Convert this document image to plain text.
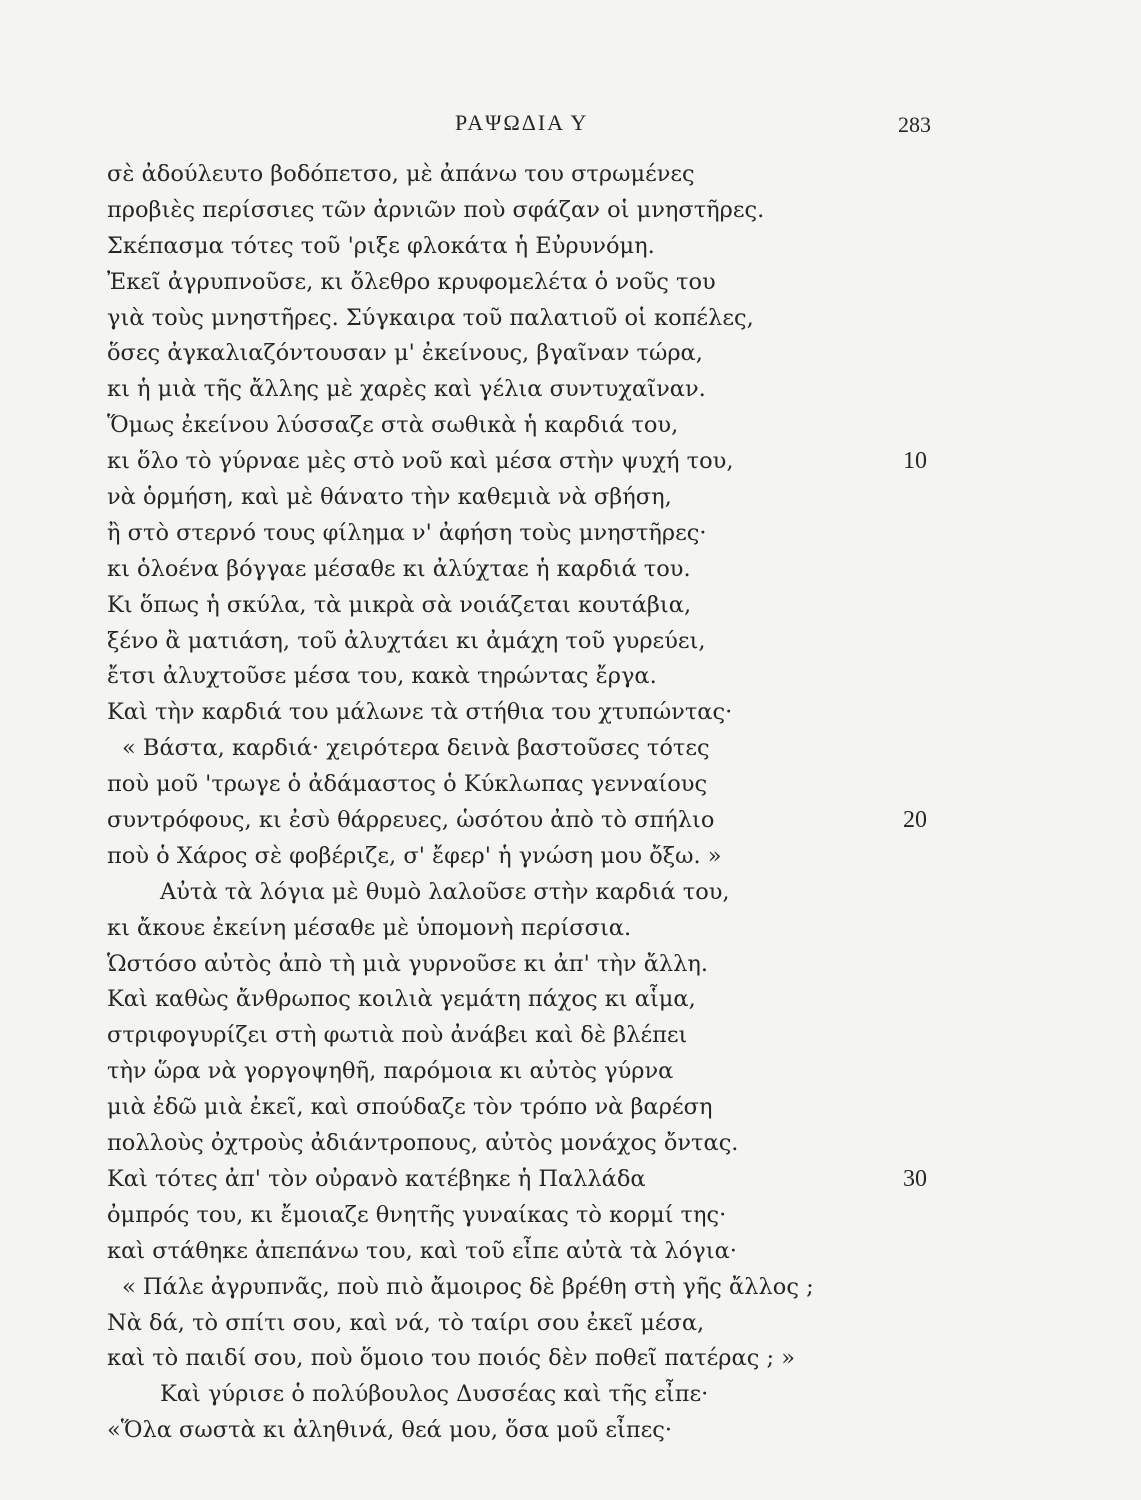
ΡΑΨΩΔΙΑ Υ	283
σὲ ἀδούλευτο βοδόπετσο, μὲ ἀπάνω του στρωμένες
προβιὲς περίσσιες τῶν ἀρνιῶν ποὺ σφάζαν οἱ μνηστῆρες.
Σκέπασμα τότες τοῦ 'ριξε φλοκάτα ἡ Εὐρυνόμη.
Ἐκεῖ ἀγρυπνοῦσε, κι ὄλεθρο κρυφομελέτα ὁ νοῦς του
γιὰ τοὺς μνηστῆρες. Σύγκαιρα τοῦ παλατιοῦ οἱ κοπέλες,
ὅσες ἀγκαλιαζόντουσαν μ' ἐκείνους, βγαῖναν τώρα,
κι ἡ μιὰ τῆς ἄλλης μὲ χαρὲς καὶ γέλια συντυχαῖναν.
Ὅμως ἐκείνου λύσσαζε στὰ σωθικὰ ἡ καρδιά του,
κι ὅλο τὸ γύρναε μὲς στὸ νοῦ καὶ μέσα στὴν ψυχή του,	10
νὰ ὁρμήση, καὶ μὲ θάνατο τὴν καθεμιὰ νὰ σβήση,
ἢ στὸ στερνό τους φίλημα ν' ἀφήση τοὺς μνηστῆρες·
κι ὁλοένα βόγγαε μέσαθε κι ἀλύχταε ἡ καρδιά του.
Κι ὅπως ἡ σκύλα, τὰ μικρὰ σὰ νοιάζεται κουτάβια,
ξένο ἂ ματιάση, τοῦ ἀλυχτάει κι ἀμάχη τοῦ γυρεύει,
ἔτσι ἀλυχτοῦσε μέσα του, κακὰ τηρώντας ἔργα.
Καὶ τὴν καρδιά του μάλωνε τὰ στήθια του χτυπώντας·
« Βάστα, καρδιά· χειρότερα δεινὰ βαστοῦσες τότες
ποὺ μοῦ 'τρωγε ὁ ἀδάμαστος ὁ Κύκλωπας γενναίους
συντρόφους, κι ἐσὺ θάρρευες, ὡσότου ἀπὸ τὸ σπήλιο	20
ποὺ ὁ Χάρος σὲ φοβέριζε, σ' ἔφερ' ἡ γνώση μου ὄξω. »
Αὐτὰ τὰ λόγια μὲ θυμὸ λαλοῦσε στὴν καρδιά του,
κι ἄκουε ἐκείνη μέσαθε μὲ ὑπομονὴ περίσσια.
Ὡστόσο αὐτὸς ἀπὸ τὴ μιὰ γυρνοῦσε κι ἀπ' τὴν ἄλλη.
Καὶ καθὼς ἄνθρωπος κοιλιὰ γεμάτη πάχος κι αἷμα,
στριφογυρίζει στὴ φωτιὰ ποὺ ἀνάβει καὶ δὲ βλέπει
τὴν ὥρα νὰ γοργοψηθῆ, παρόμοια κι αὐτὸς γύρνα
μιὰ ἐδῶ μιὰ ἐκεῖ, καὶ σπούδαζε τὸν τρόπο νὰ βαρέση
πολλοὺς ὀχτροὺς ἀδιάντροπους, αὐτὸς μονάχος ὄντας.
Καὶ τότες ἀπ' τὸν οὐρανὸ κατέβηκε ἡ Παλλάδα	30
ὀμπρός του, κι ἔμοιαζε θνητῆς γυναίκας τὸ κορμί της·
καὶ στάθηκε ἀπεπάνω του, καὶ τοῦ εἶπε αὐτὰ τὰ λόγια·
« Πάλε ἀγρυπνᾶς, ποὺ πιὸ ἄμοιρος δὲ βρέθη στὴ γῆς ἄλλος ;
Νὰ δά, τὸ σπίτι σου, καὶ νά, τὸ ταίρι σου ἐκεῖ μέσα,
καὶ τὸ παιδί σου, ποὺ ὅμοιο του ποιός δὲν ποθεῖ πατέρας ; »
Καὶ γύρισε ὁ πολύβουλος Δυσσέας καὶ τῆς εἶπε·
«Ὅλα σωστὰ κι ἀληθινά, θεά μου, ὅσα μοῦ εἶπες·
